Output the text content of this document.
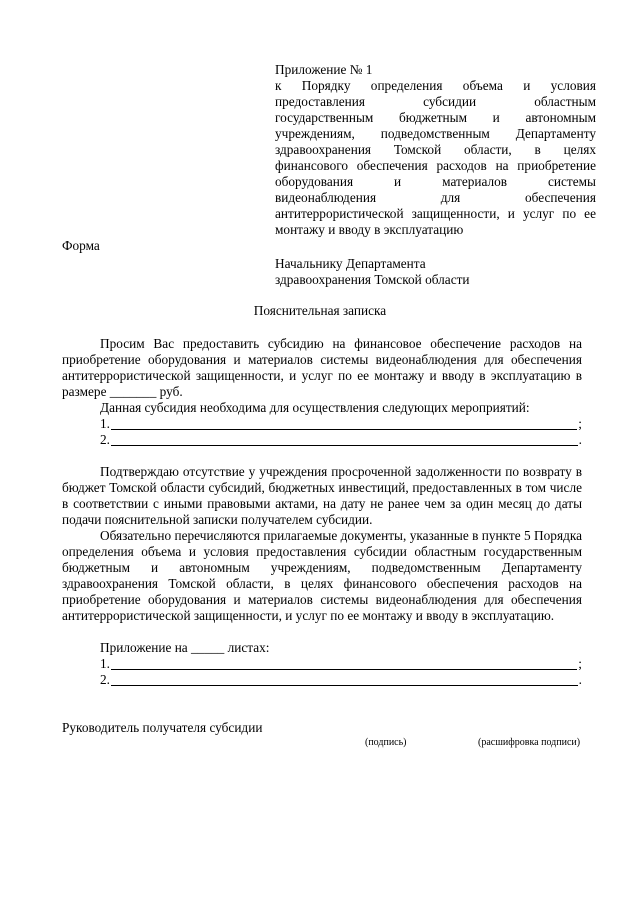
Приложение № 1
к Порядку определения объема и условия
предоставления субсидии областным
государственным бюджетным и автономным
учреждениям, подведомственным Департаменту
здравоохранения Томской области, в целях
финансового обеспечения расходов на приобретение
оборудования и материалов системы
видеонаблюдения для обеспечения
антитеррористической защищенности, и услуг по ее
монтажу и вводу в эксплуатацию
Форма
Начальнику Департамента
здравоохранения Томской области
Пояснительная записка
Просим Вас предоставить субсидию на финансовое обеспечение расходов на
приобретение оборудования и материалов системы видеонаблюдения для обеспечения
антитеррористической защищенности, и услуг по ее монтажу и вводу в эксплуатацию в
размере _______ руб.
Данная субсидия необходима для осуществления следующих мероприятий:
1.	;
2.	.
Подтверждаю отсутствие у учреждения просроченной задолженности по возврату в
бюджет Томской области субсидий, бюджетных инвестиций, предоставленных в том числе
в соответствии с иными правовыми актами, на дату не ранее чем за один месяц до даты
подачи пояснительной записки получателем субсидии.
Обязательно перечисляются прилагаемые документы, указанные в пункте 5 Порядка
определения объема и условия предоставления субсидии областным государственным
бюджетным и автономным учреждениям, подведомственным Департаменту
здравоохранения Томской области, в целях финансового обеспечения расходов на
приобретение оборудования и материалов системы видеонаблюдения для обеспечения
антитеррористической защищенности, и услуг по ее монтажу и вводу в эксплуатацию.
Приложение на _____ листах:
1.	;
2.	.
Руководитель получателя субсидии
(подпись)	(расшифровка подписи)
